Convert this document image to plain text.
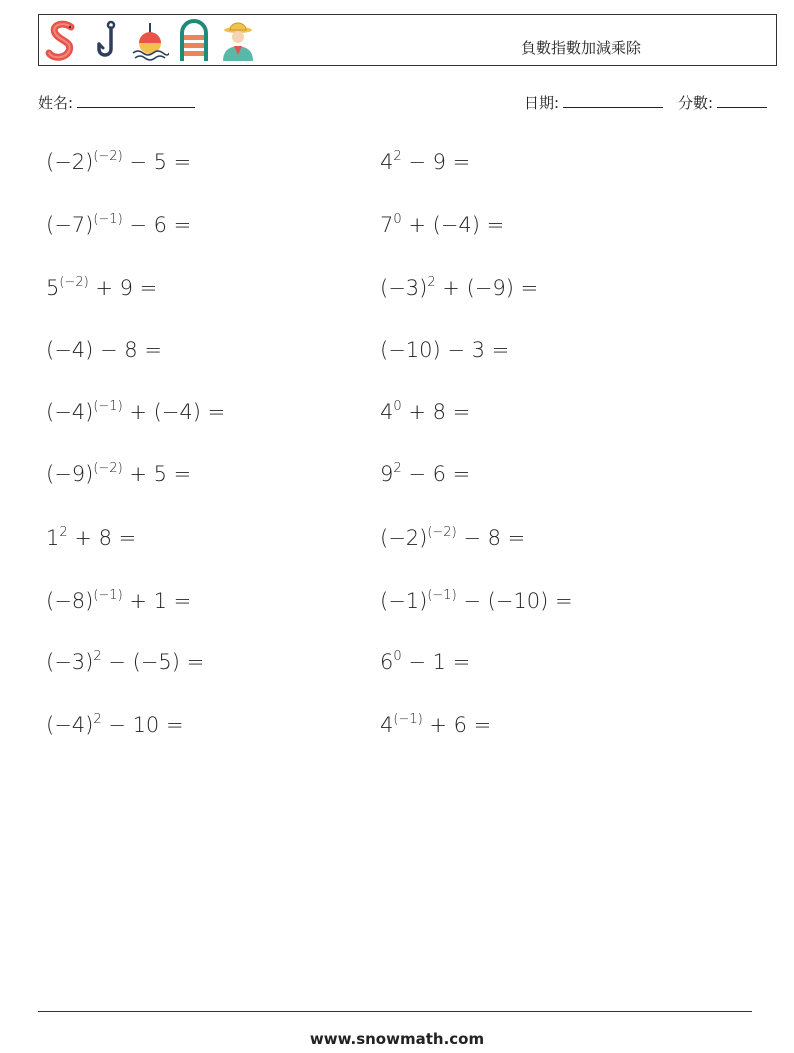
負數指數加減乘除
姓名:	日期:	分數:
$(-2)^{(-2)} - 5$ =
$(-7)^{(-1)} - 6$ =
$5^{(-2)} + 9$ =
(−4) − 8 =
$(-4)^{(-1)} + (-4)$ =
$(-9)^{(-2)} + 5$ =
$1^2 + 8$ =
$(-8)^{(-1)} + 1$ =
$(-3)^2 - (-5)$ =
$(-4)^2 - 10$ =
$4^2 - 9$ =
$7^0 + (-4)$ =
$(-3)^2 + (-9)$ =
(−10) − 3 =
$4^0 + 8$ =
$9^2 - 6$ =
$(-2)^{(-2)} - 8$ =
$(-1)^{(-1)} - (-10)$ =
$6^0 - 1$ =
$4^{(-1)} + 6$ =
www.snowmath.com
